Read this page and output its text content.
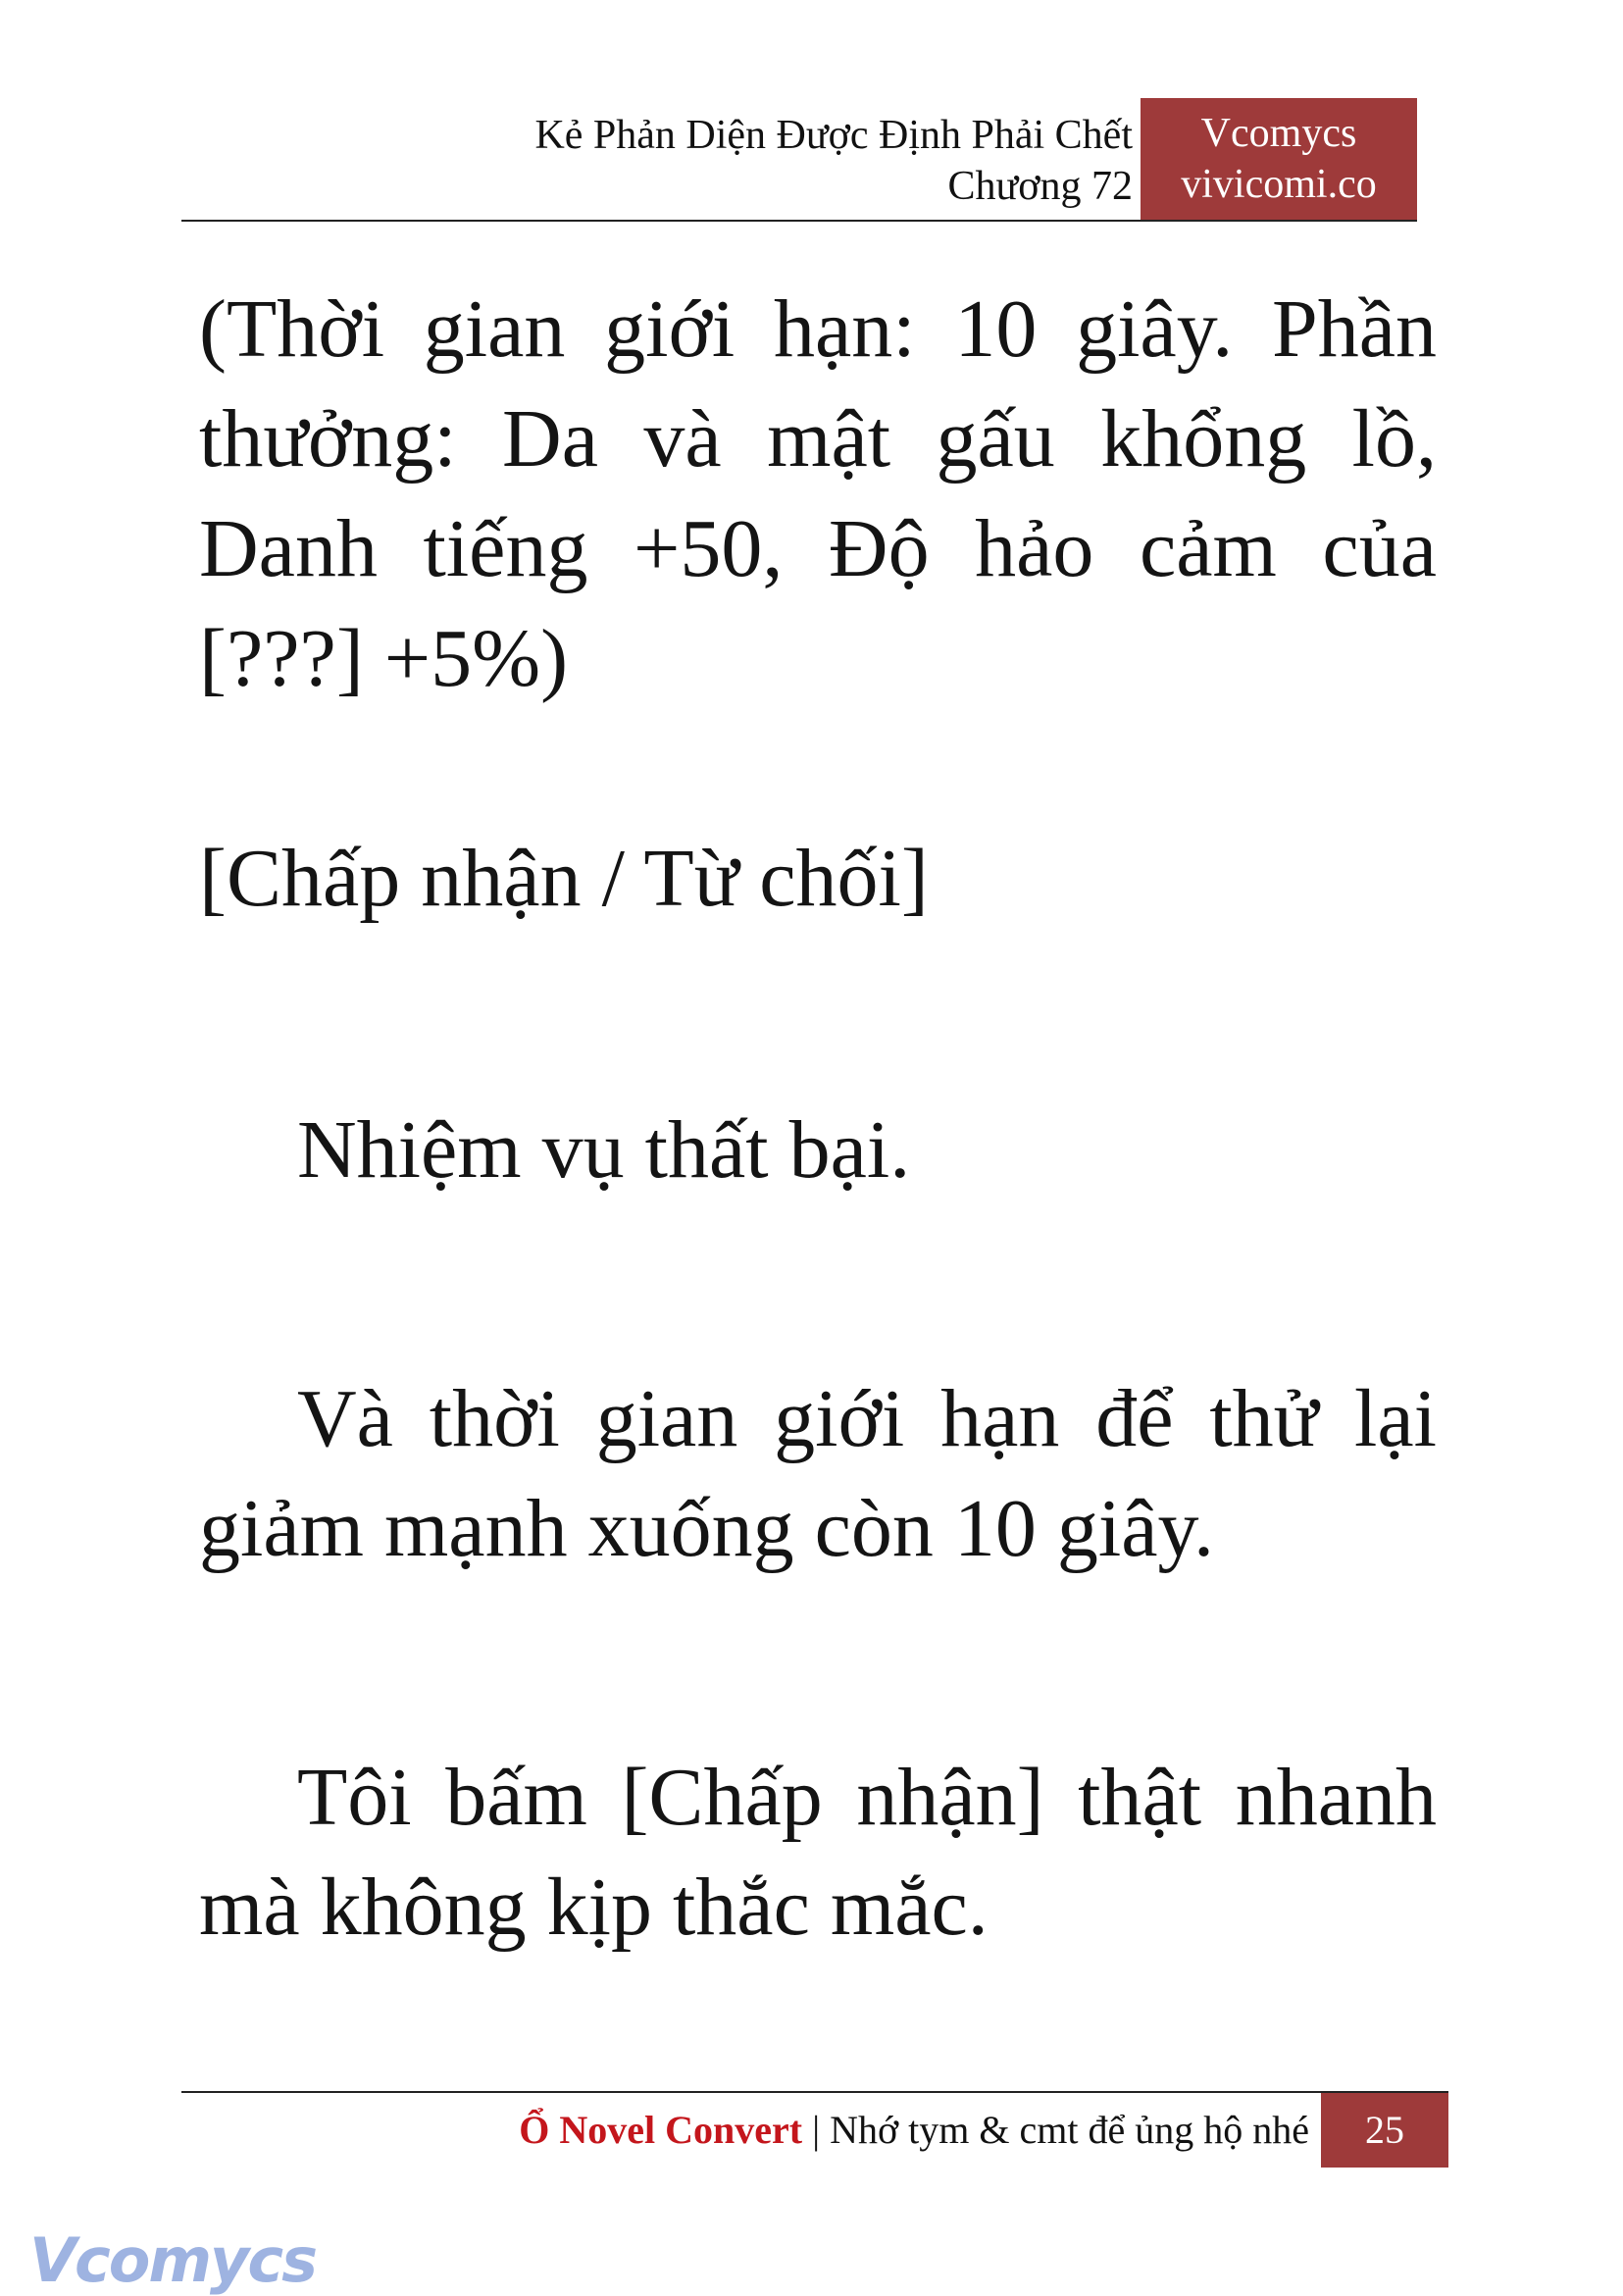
Kẻ Phản Diện Được Định Phải Chết
Chương 72
Vcomycs
vivicomi.co

(Thời gian giới hạn: 10 giây. Phần thưởng: Da và mật gấu khổng lồ, Danh tiếng +50, Độ hảo cảm của [???] +5%)

[Chấp nhận / Từ chối]

Nhiệm vụ thất bại.

Và thời gian giới hạn để thử lại giảm mạnh xuống còn 10 giây.

Tôi bấm [Chấp nhận] thật nhanh mà không kịp thắc mắc.

Ổ Novel Convert | Nhớ tym & cmt để ủng hộ nhé	25
Vcomycs
